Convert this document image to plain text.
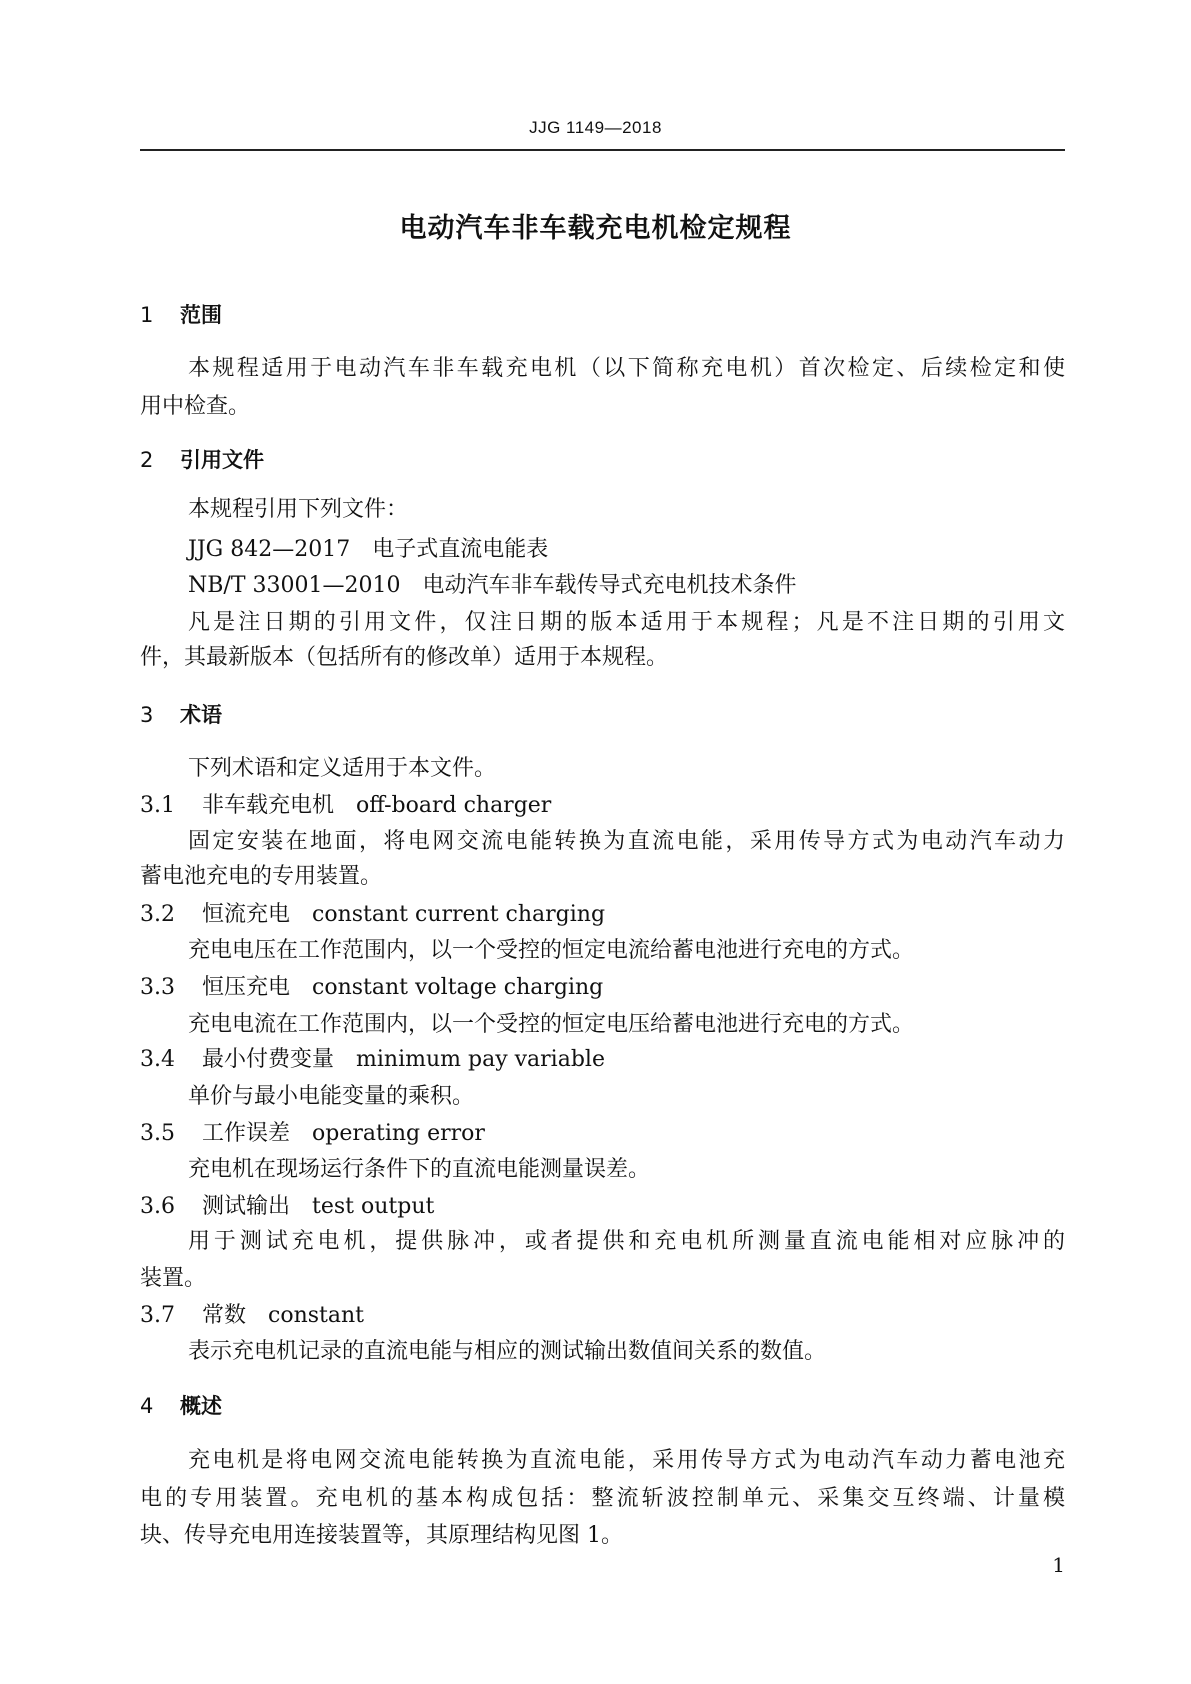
JJG 1149—2018
电动汽车非车载充电机检定规程
1 范围
本规程适用于电动汽车非车载充电机（以下简称充电机）首次检定、后续检定和使
用中检查。
2 引用文件
本规程引用下列文件：
JJG 842—2017 电子式直流电能表
NB/T 33001—2010 电动汽车非车载传导式充电机技术条件
凡是注日期的引用文件，仅注日期的版本适用于本规程；凡是不注日期的引用文
件，其最新版本（包括所有的修改单）适用于本规程。
3 术语
下列术语和定义适用于本文件。
3.1 非车载充电机 off-board charger
固定安装在地面，将电网交流电能转换为直流电能，采用传导方式为电动汽车动力
蓄电池充电的专用装置。
3.2 恒流充电 constant current charging
充电电压在工作范围内，以一个受控的恒定电流给蓄电池进行充电的方式。
3.3 恒压充电 constant voltage charging
充电电流在工作范围内，以一个受控的恒定电压给蓄电池进行充电的方式。
3.4 最小付费变量 minimum pay variable
单价与最小电能变量的乘积。
3.5 工作误差 operating error
充电机在现场运行条件下的直流电能测量误差。
3.6 测试输出 test output
用于测试充电机，提供脉冲，或者提供和充电机所测量直流电能相对应脉冲的
装置。
3.7 常数 constant
表示充电机记录的直流电能与相应的测试输出数值间关系的数值。
4 概述
充电机是将电网交流电能转换为直流电能，采用传导方式为电动汽车动力蓄电池充
电的专用装置。充电机的基本构成包括：整流斩波控制单元、采集交互终端、计量模
块、传导充电用连接装置等，其原理结构见图 1。
1
